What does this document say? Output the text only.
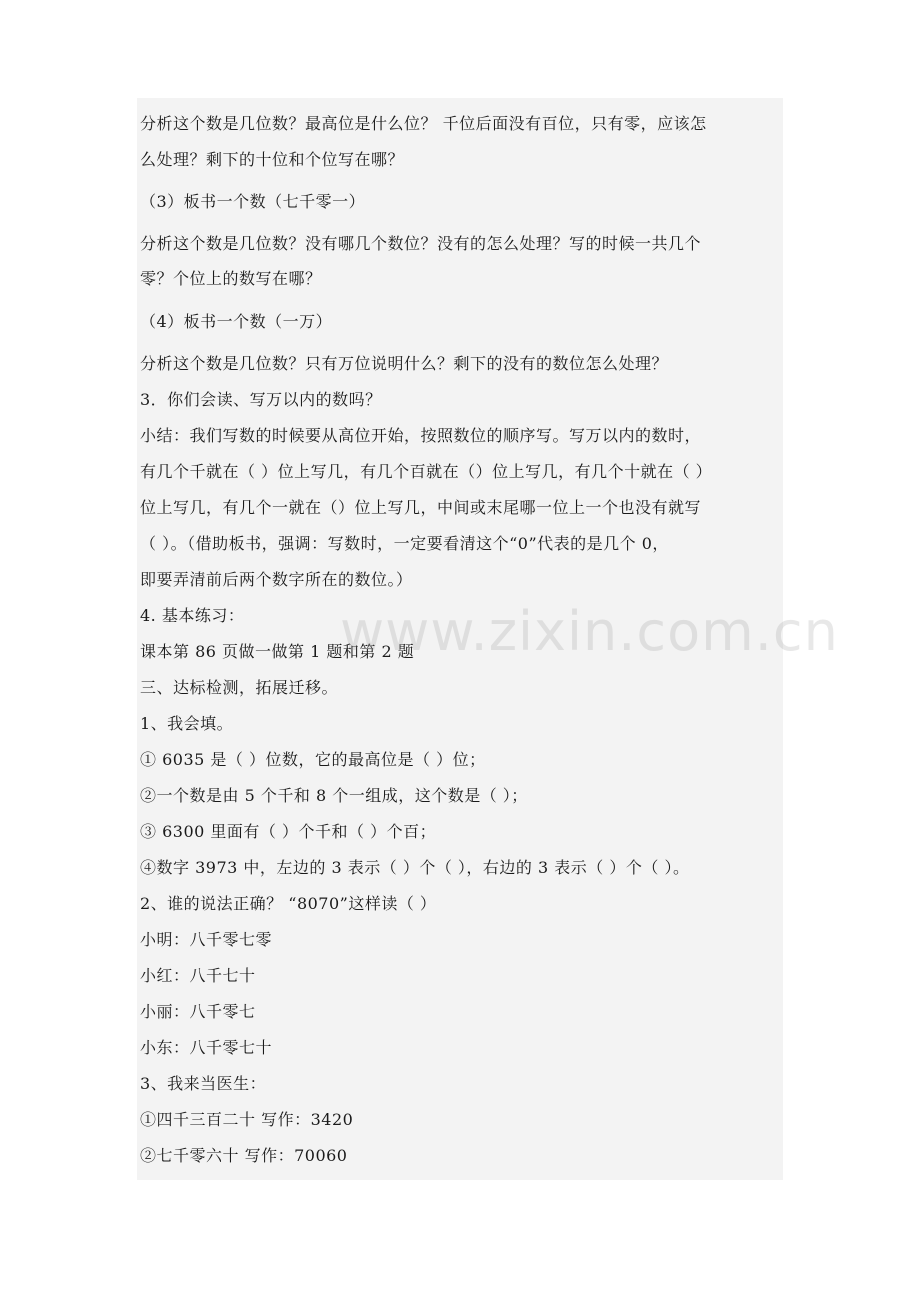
分析这个数是几位数？最高位是什么位？ 千位后面没有百位，只有零，应该怎
么处理？剩下的十位和个位写在哪？
（3）板书一个数（七千零一）
分析这个数是几位数？没有哪几个数位？没有的怎么处理？写的时候一共几个
零？个位上的数写在哪？
（4）板书一个数（一万）
分析这个数是几位数？只有万位说明什么？剩下的没有的数位怎么处理？
3．你们会读、写万以内的数吗？
小结：我们写数的时候要从高位开始，按照数位的顺序写。写万以内的数时，
有几个千就在（ ）位上写几，有几个百就在（）位上写几，有几个十就在（ ）
位上写几，有几个一就在（）位上写几，中间或末尾哪一位上一个也没有就写
（ ）。（借助板书，强调：写数时，一定要看清这个“0”代表的是几个 0，
即要弄清前后两个数字所在的数位。）
4. 基本练习：
课本第 86 页做一做第 1 题和第 2 题
三、达标检测，拓展迁移。
1、我会填。
① 6035 是（ ）位数，它的最高位是（ ）位；
②一个数是由 5 个千和 8 个一组成，这个数是（ ）；
③ 6300 里面有（ ）个千和（ ）个百；
④数字 3973 中，左边的 3 表示（ ）个（ ），右边的 3 表示（ ）个（ ）。
2、谁的说法正确？ “8070”这样读（ ）
小明：八千零七零
小红：八千七十
小丽：八千零七
小东：八千零七十
3、我来当医生：
①四千三百二十 写作：3420
②七千零六十 写作：70060
www.zixin.com.cn
